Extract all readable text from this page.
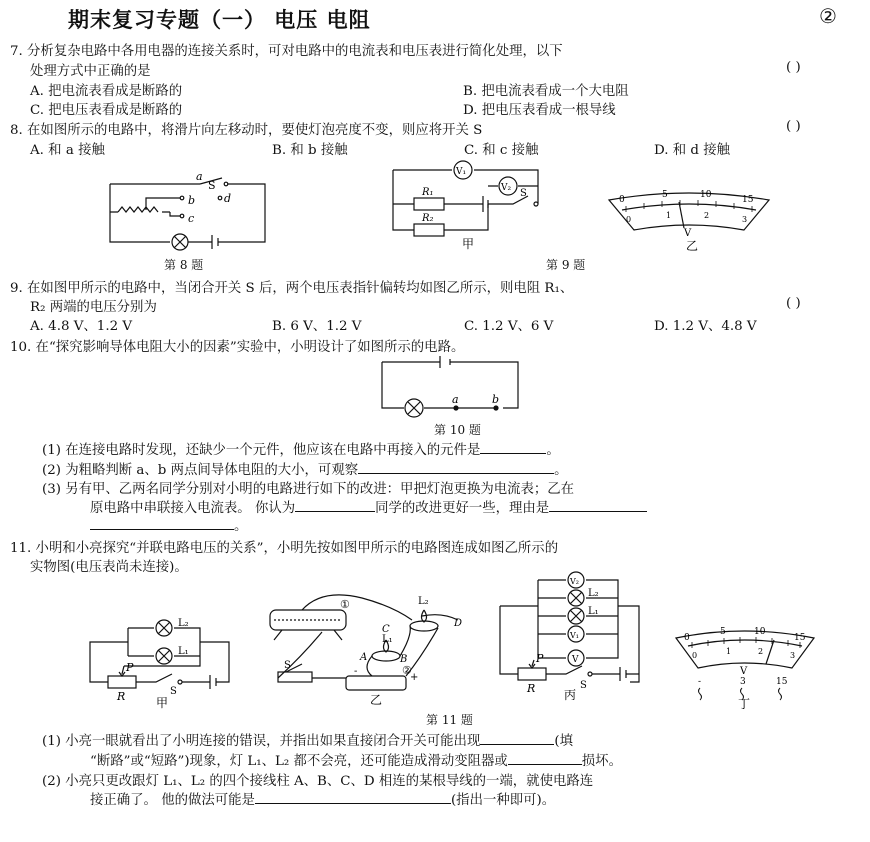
期末复习专题（一） 电压 电阻	②
7. 分析复杂电路中各用电器的连接关系时，可对电路中的电流表和电压表进行简化处理，以下
处理方式中正确的是	( )
A. 把电流表看成是断路的	B. 把电流表看成一个大电阻
C. 把电压表看成是断路的	D. 把电压表看成一根导线
8. 在如图所示的电路中，将滑片向左移动时，要使灯泡亮度不变，则应将开关 S	( )
A. 和 a 接触	B. 和 b 接触	C. 和 c 接触	D. 和 d 接触
a
S
b	d
c
第 8 题
V₁
V₂
R₁
R₂
S
甲
0	5	10	15
0	1	2	3
V
乙
第 9 题
9. 在如图甲所示的电路中，当闭合开关 S 后，两个电压表指针偏转均如图乙所示，则电阻 R₁、
R₂ 两端的电压分别为	( )
A. 4.8 V、1.2 V	B. 6 V、1.2 V	C. 1.2 V、6 V	D. 1.2 V、4.8 V
10. 在“探究影响导体电阻大小的因素”实验中，小明设计了如图所示的电路。
a	b
第 10 题
(1) 在连接电路时发现，还缺少一个元件，他应该在电路中再接入的元件是	。
(2) 为粗略判断 a、b 两点间导体电阻的大小，可观察	。
(3) 另有甲、乙两名同学分别对小明的电路进行如下的改进：甲把灯泡更换为电流表；乙在
原电路中串联接入电流表。 你认为	同学的改进更好一些，理由是
。
11. 小明和小亮探究“并联电路电压的关系”，小明先按如图甲所示的电路图连成如图乙所示的
实物图(电压表尚未连接)。
L₂
L₁
P
R	S
甲
①	L₂
C
D
L₁
A	B
②
S
-
+
乙
V₂
L₂
L₁
V₁
V
P
R	S
丙
0
5	10
15
0	1	2	3
V
-	3	15
丁
第 11 题
(1) 小亮一眼就看出了小明连接的错误，并指出如果直接闭合开关可能出现	(填
“断路”或“短路”)现象，灯 L₁、L₂ 都不会亮，还可能造成滑动变阻器或	损坏。
(2) 小亮只更改跟灯 L₁、L₂ 的四个接线柱 A、B、C、D 相连的某根导线的一端，就使电路连
接正确了。 他的做法可能是	(指出一种即可)。
